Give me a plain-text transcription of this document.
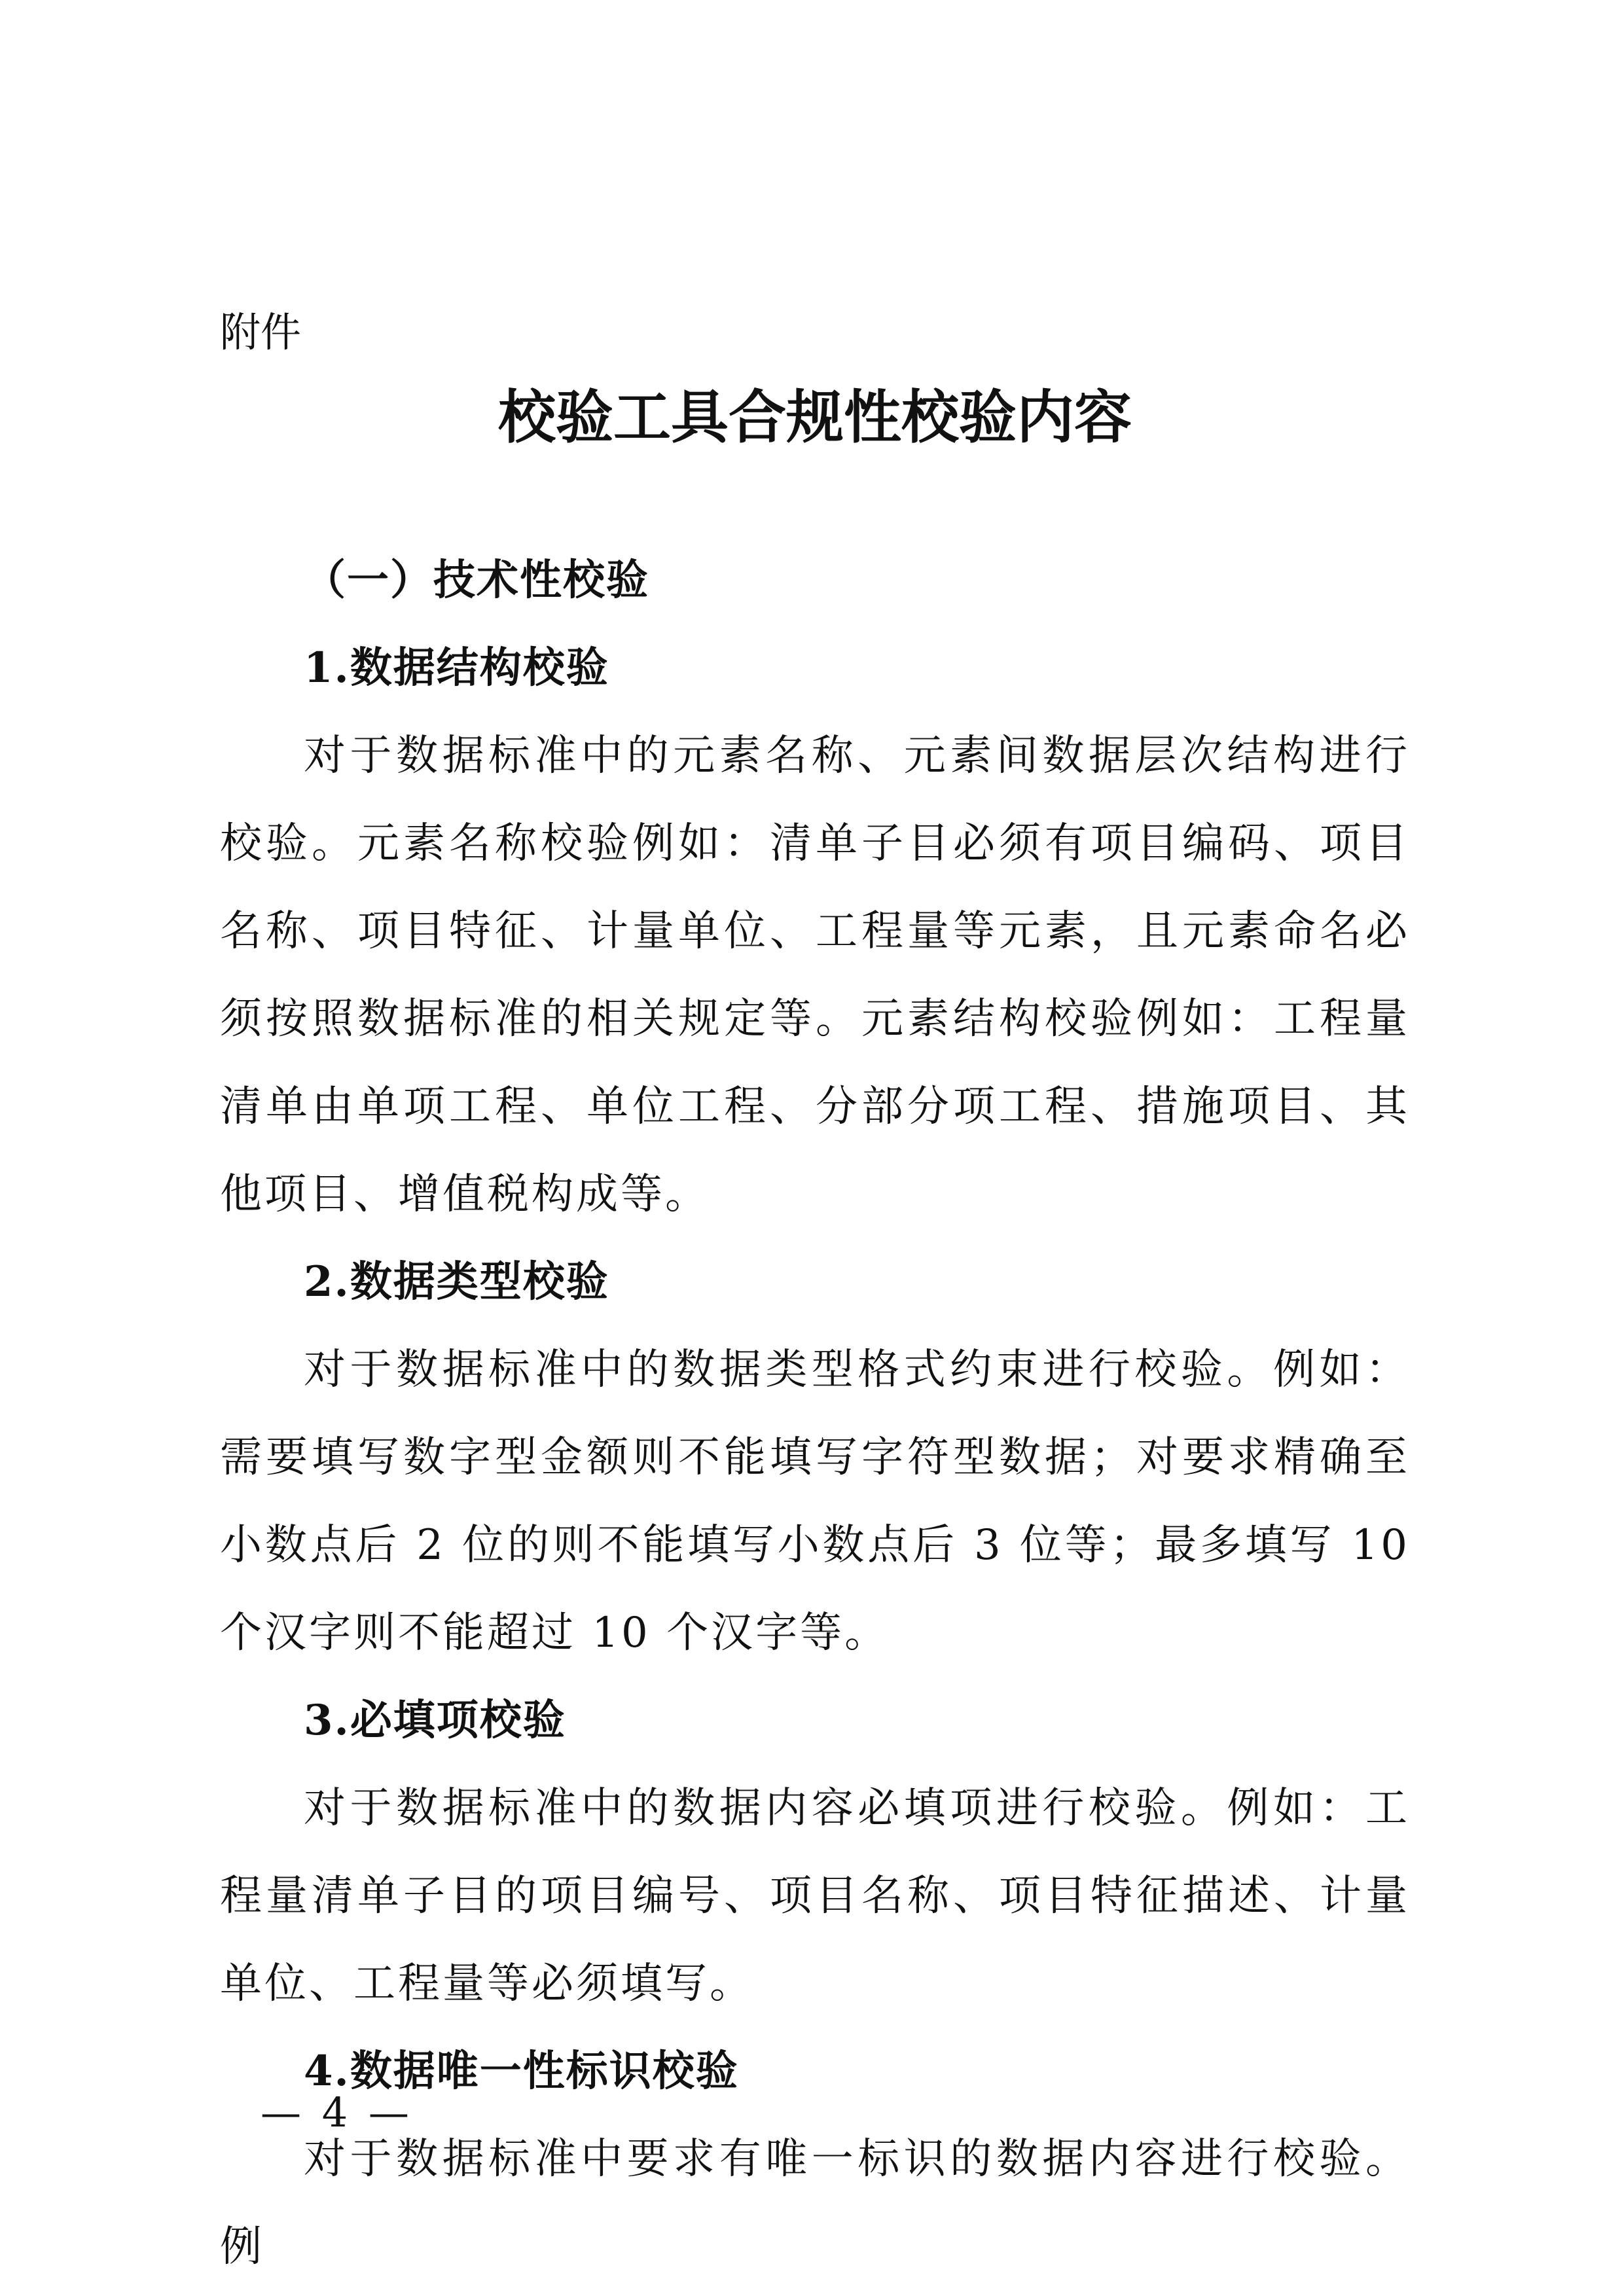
附件
校验工具合规性校验内容

（一）技术性校验

1.数据结构校验

对于数据标准中的元素名称、元素间数据层次结构进行校验。元素名称校验例如：清单子目必须有项目编码、项目名称、项目特征、计量单位、工程量等元素，且元素命名必须按照数据标准的相关规定等。元素结构校验例如：工程量清单由单项工程、单位工程、分部分项工程、措施项目、其他项目、增值税构成等。

2.数据类型校验

对于数据标准中的数据类型格式约束进行校验。例如：需要填写数字型金额则不能填写字符型数据；对要求精确至小数点后 2 位的则不能填写小数点后 3 位等；最多填写 10 个汉字则不能超过 10 个汉字等。

3.必填项校验

对于数据标准中的数据内容必填项进行校验。例如：工程量清单子目的项目编号、项目名称、项目特征描述、计量单位、工程量等必须填写。

4.数据唯一性标识校验

对于数据标准中要求有唯一标识的数据内容进行校验。例

— 4 —
